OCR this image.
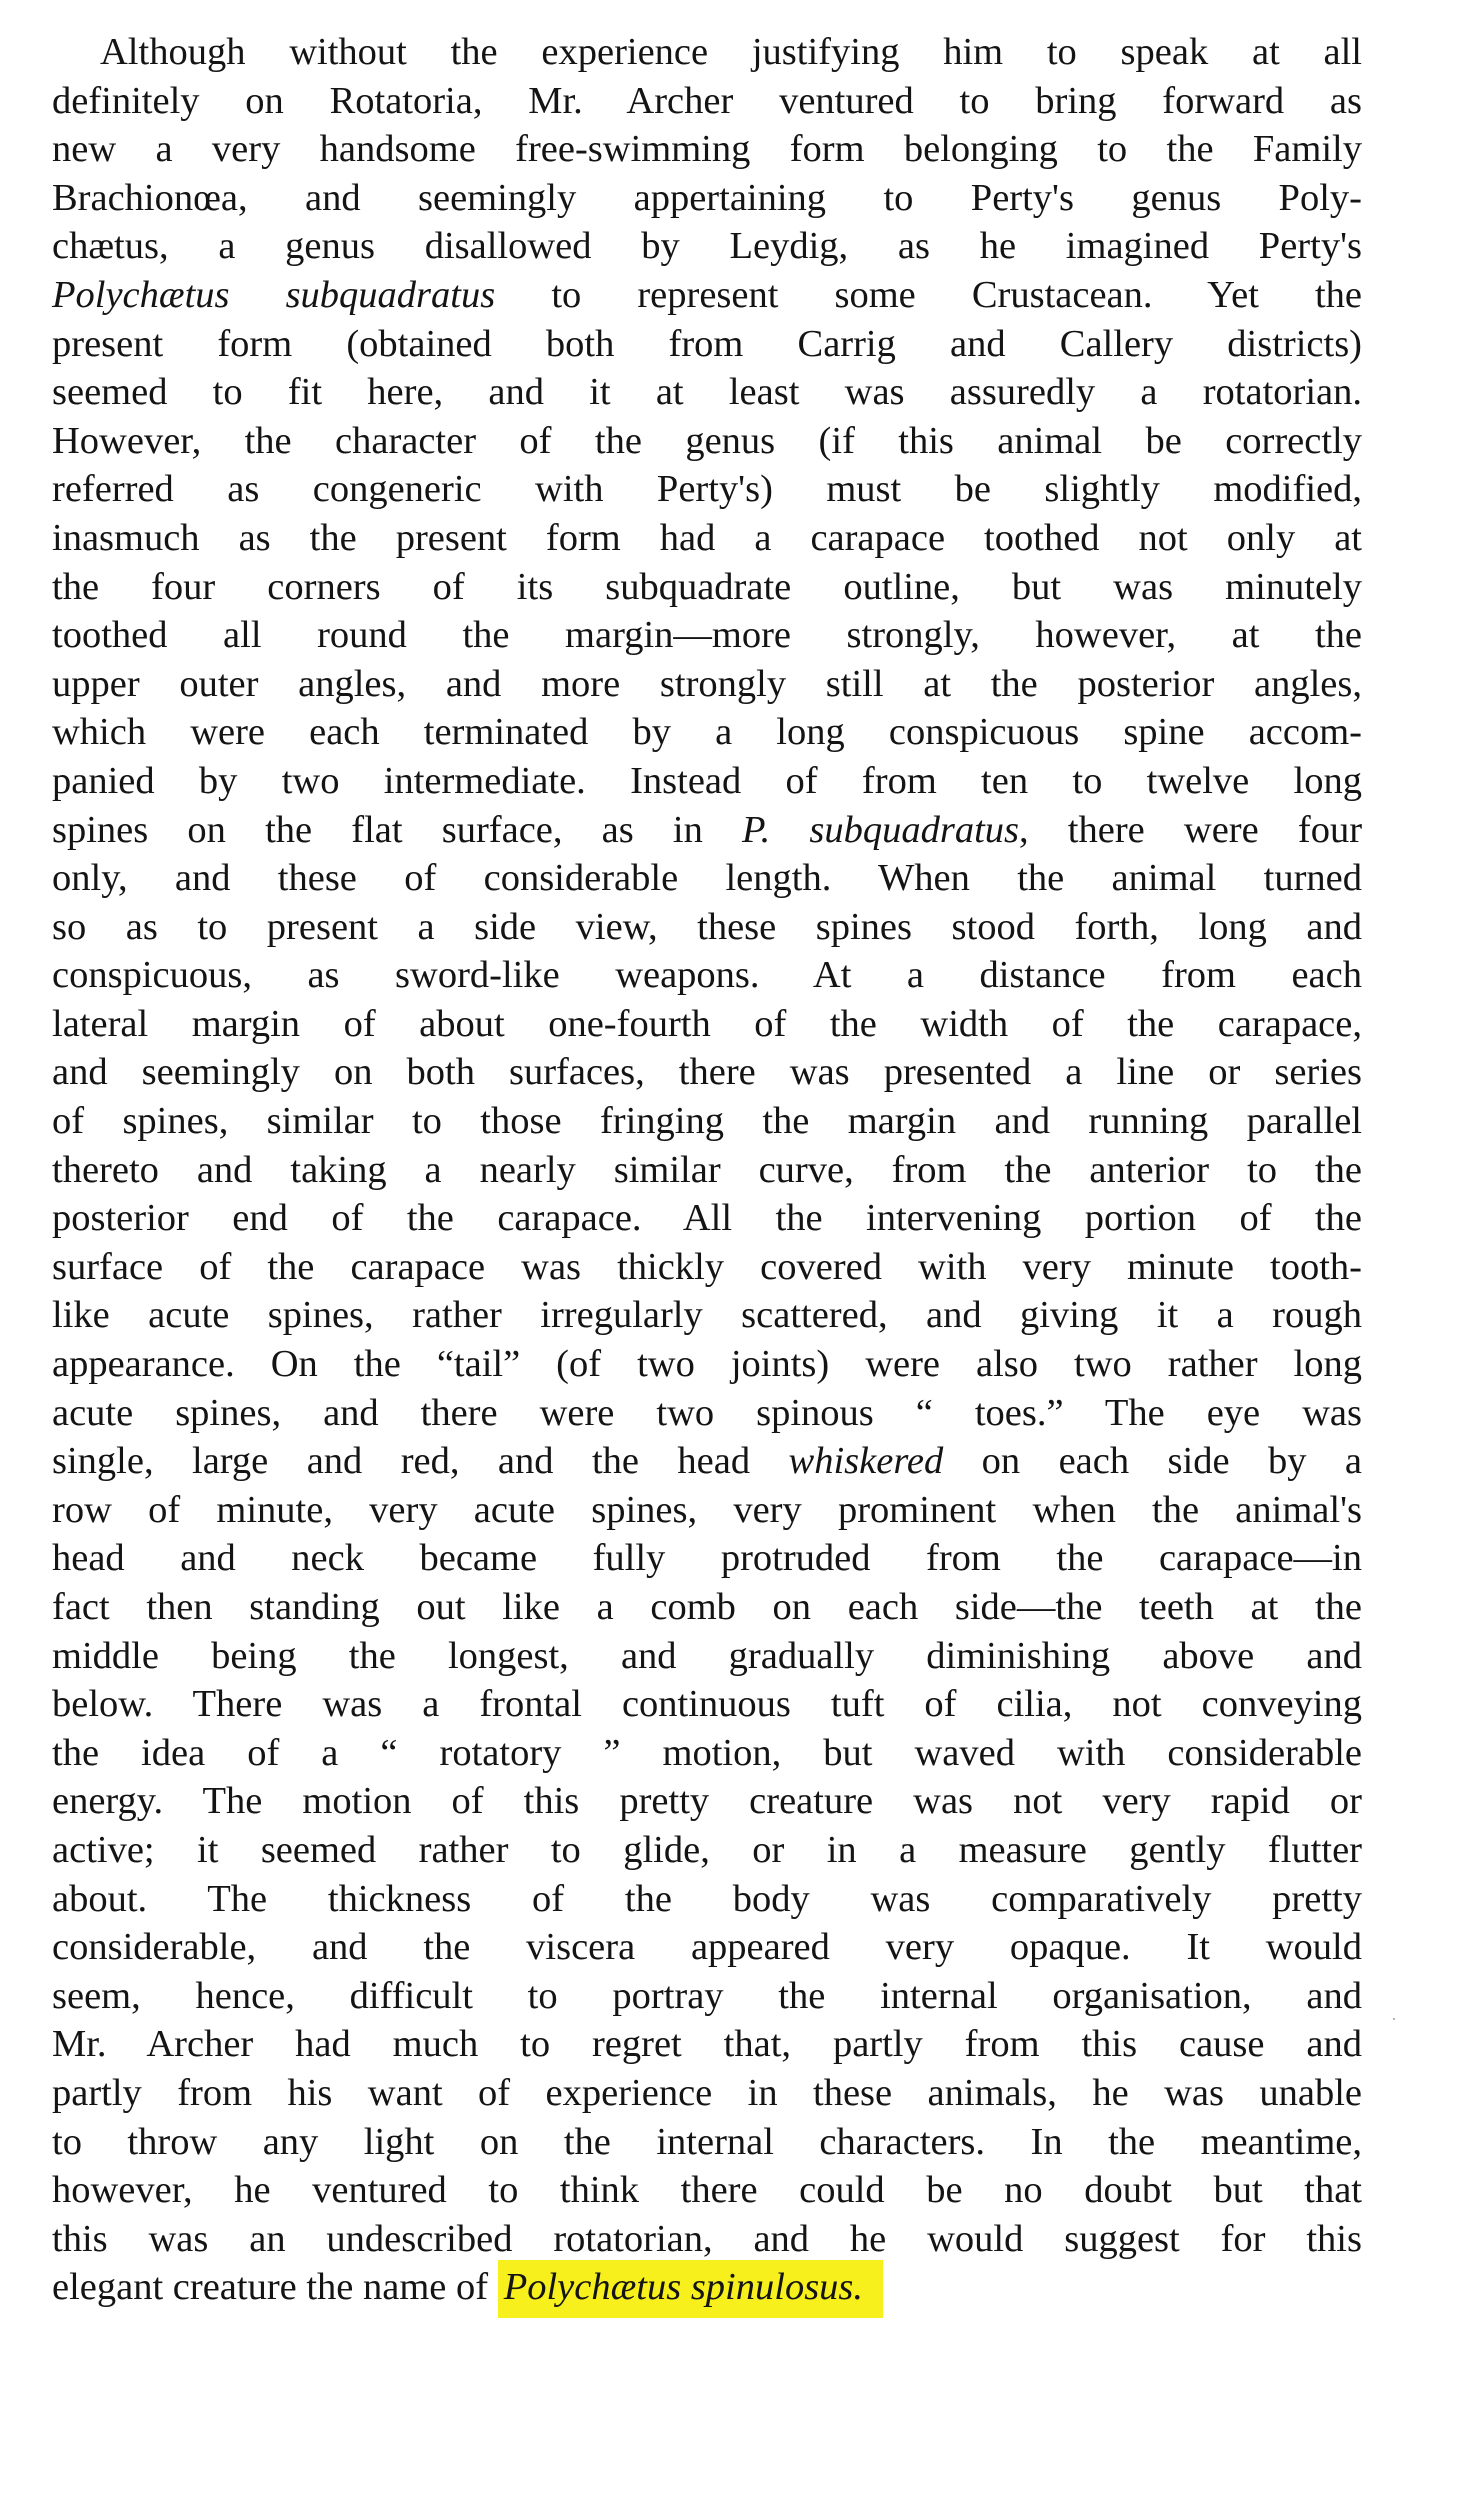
Although without the experience justifying him to speak at all
definitely on Rotatoria, Mr. Archer ventured to bring forward as
new a very handsome free-swimming form belonging to the Family
Brachionœa, and seemingly appertaining to Perty's genus Poly-
chætus, a genus disallowed by Leydig, as he imagined Perty's
Polychætus subquadratus to represent some Crustacean. Yet the
present form (obtained both from Carrig and Callery districts)
seemed to fit here, and it at least was assuredly a rotatorian.
However, the character of the genus (if this animal be correctly
referred as congeneric with Perty's) must be slightly modified,
inasmuch as the present form had a carapace toothed not only at
the four corners of its subquadrate outline, but was minutely
toothed all round the margin—more strongly, however, at the
upper outer angles, and more strongly still at the posterior angles,
which were each terminated by a long conspicuous spine accom-
panied by two intermediate. Instead of from ten to twelve long
spines on the flat surface, as in P. subquadratus, there were four
only, and these of considerable length. When the animal turned
so as to present a side view, these spines stood forth, long and
conspicuous, as sword-like weapons. At a distance from each
lateral margin of about one-fourth of the width of the carapace,
and seemingly on both surfaces, there was presented a line or series
of spines, similar to those fringing the margin and running parallel
thereto and taking a nearly similar curve, from the anterior to the
posterior end of the carapace. All the intervening portion of the
surface of the carapace was thickly covered with very minute tooth-
like acute spines, rather irregularly scattered, and giving it a rough
appearance. On the “tail” (of two joints) were also two rather long
acute spines, and there were two spinous “ toes.” The eye was
single, large and red, and the head whiskered on each side by a
row of minute, very acute spines, very prominent when the animal's
head and neck became fully protruded from the carapace—in
fact then standing out like a comb on each side—the teeth at the
middle being the longest, and gradually diminishing above and
below. There was a frontal continuous tuft of cilia, not conveying
the idea of a “ rotatory ” motion, but waved with considerable
energy. The motion of this pretty creature was not very rapid or
active; it seemed rather to glide, or in a measure gently flutter
about. The thickness of the body was comparatively pretty
considerable, and the viscera appeared very opaque. It would
seem, hence, difficult to portray the internal organisation, and
Mr. Archer had much to regret that, partly from this cause and
partly from his want of experience in these animals, he was unable
to throw any light on the internal characters. In the meantime,
however, he ventured to think there could be no doubt but that
this was an undescribed rotatorian, and he would suggest for this
elegant creature the name of Polychætus spinulosus.
